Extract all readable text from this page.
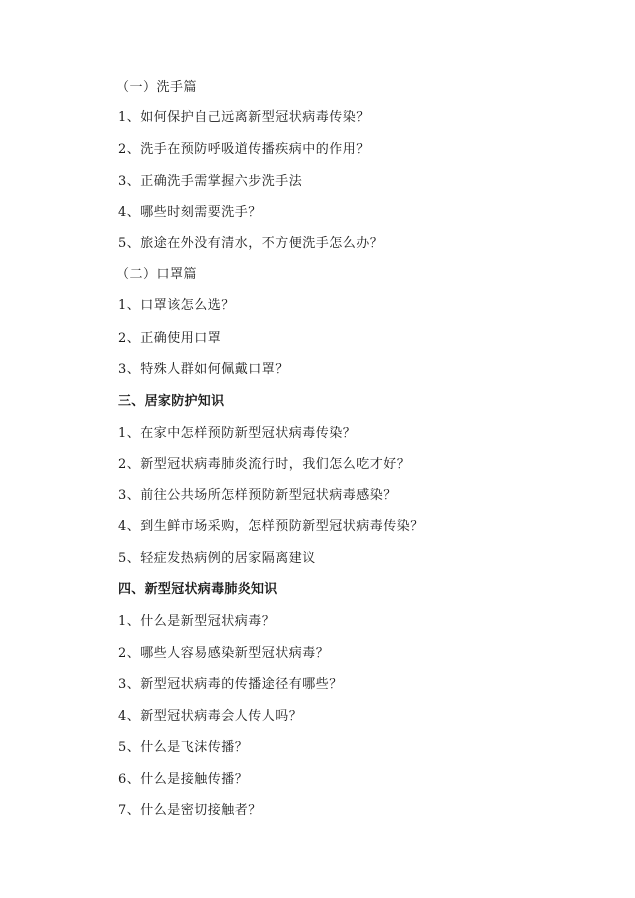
（一）洗手篇
1、如何保护自己远离新型冠状病毒传染？
2、洗手在预防呼吸道传播疾病中的作用？
3、正确洗手需掌握六步洗手法
4、哪些时刻需要洗手？
5、旅途在外没有清水，不方便洗手怎么办？
（二）口罩篇
1、口罩该怎么选？
2、正确使用口罩
3、特殊人群如何佩戴口罩？
三、居家防护知识
1、在家中怎样预防新型冠状病毒传染？
2、新型冠状病毒肺炎流行时，我们怎么吃才好？
3、前往公共场所怎样预防新型冠状病毒感染？
4、到生鲜市场采购，怎样预防新型冠状病毒传染？
5、轻症发热病例的居家隔离建议
四、新型冠状病毒肺炎知识
1、什么是新型冠状病毒？
2、哪些人容易感染新型冠状病毒？
3、新型冠状病毒的传播途径有哪些？
4、新型冠状病毒会人传人吗？
5、什么是飞沫传播？
6、什么是接触传播？
7、什么是密切接触者？
